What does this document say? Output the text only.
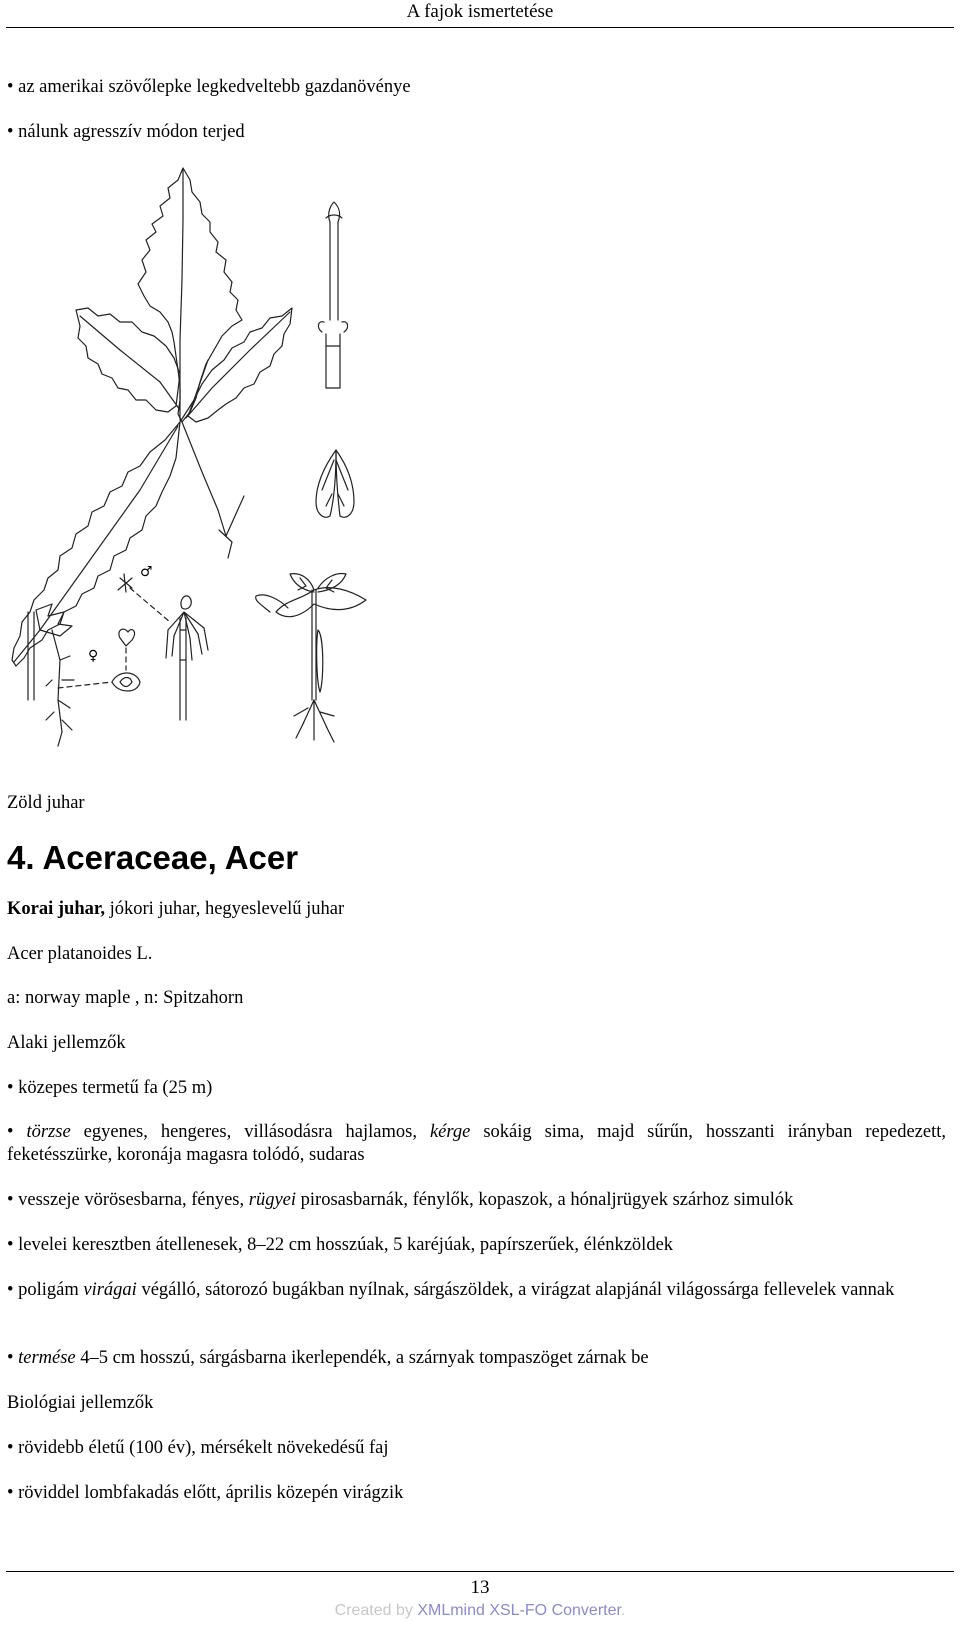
A fajok ismertetése
• az amerikai szövőlepke legkedveltebb gazdanövénye
• nálunk agresszív módon terjed
♂
♀
Zöld juhar
4. Aceraceae, Acer
Korai juhar, jókori juhar, hegyeslevelű juhar
Acer platanoides L.
a: norway maple , n: Spitzahorn
Alaki jellemzők
• közepes termetű fa (25 m)
• törzse egyenes, hengeres, villásodásra hajlamos, kérge sokáig sima, majd sűrűn, hosszanti irányban repedezett, feketésszürke, koronája magasra tolódó, sudaras
• vesszeje vörösesbarna, fényes, rügyei pirosasbarnák, fénylők, kopaszok, a hónaljrügyek szárhoz simulók
• levelei keresztben átellenesek, 8–22 cm hosszúak, 5 karéjúak, papírszerűek, élénkzöldek
• poligám virágai végálló, sátorozó bugákban nyílnak, sárgászöldek, a virágzat alapjánál világossárga fellevelek vannak
• termése 4–5 cm hosszú, sárgásbarna ikerlependék, a szárnyak tompaszöget zárnak be
Biológiai jellemzők
• rövidebb életű (100 év), mérsékelt növekedésű faj
• röviddel lombfakadás előtt, április közepén virágzik
13
Created by XMLmind XSL-FO Converter.
